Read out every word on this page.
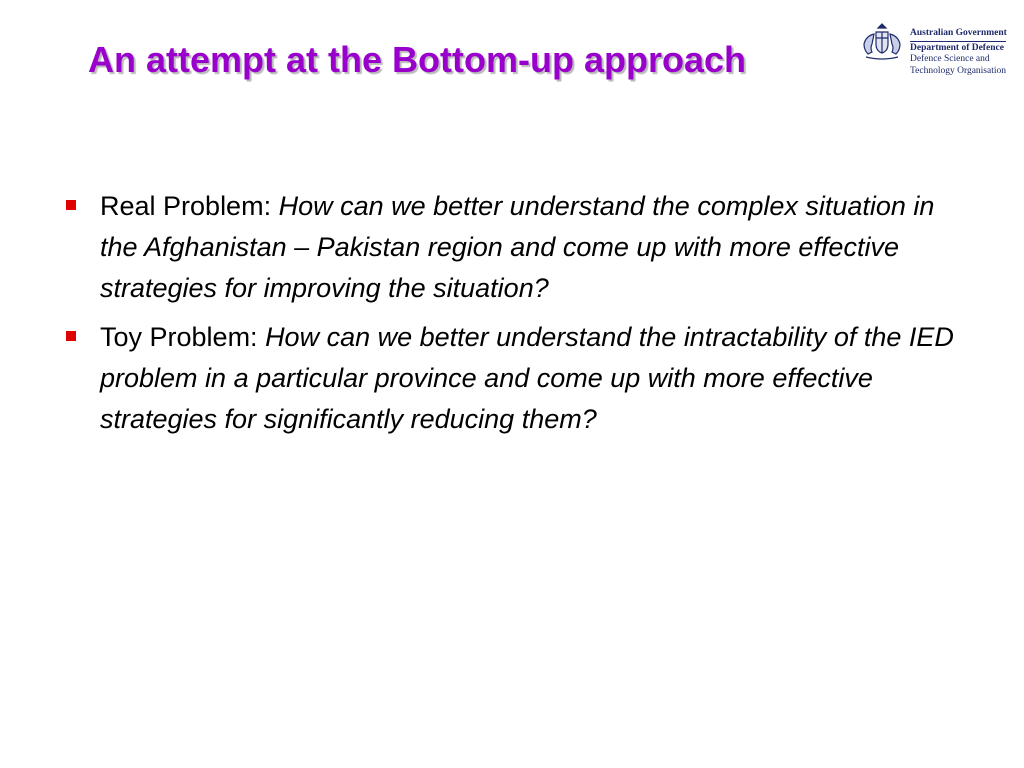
An attempt at the Bottom-up approach
Australian Government
Department of Defence
Defence Science and
Technology Organisation
Real Problem: How can we better understand the complex situation in the Afghanistan – Pakistan region and come up with more effective strategies for improving the situation?
Toy Problem: How can we better understand the intractability of the IED problem in a particular province and come up with more effective strategies for significantly reducing them?
